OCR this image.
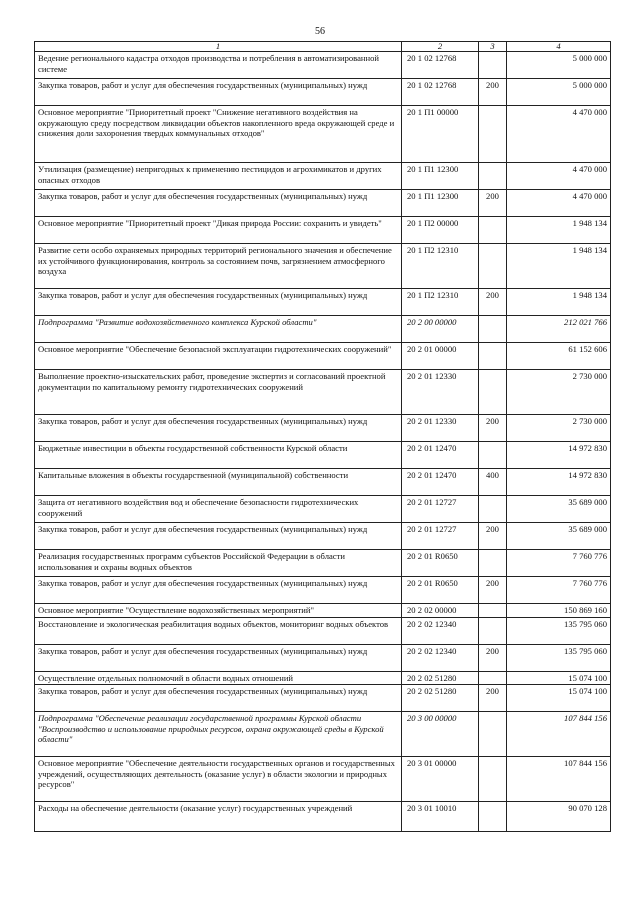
56
1	2	3	4
Ведение регионального кадастра отходов производства и потребления в автоматизированной системе	20 1 02 12768		5 000 000
Закупка товаров, работ и услуг для обеспечения государственных (муниципальных) нужд	20 1 02 12768	200	5 000 000
Основное мероприятие "Приоритетный проект "Снижение негативного воздействия на окружающую среду посредством ликвидации объектов накопленного вреда окружающей среде и снижения доли захоронения твердых коммунальных отходов"	20 1 П1 00000		4 470 000
Утилизация (размещение) непригодных к применению пестицидов и агрохимикатов и других опасных отходов	20 1 П1 12300		4 470 000
Закупка товаров, работ и услуг для обеспечения государственных (муниципальных) нужд	20 1 П1 12300	200	4 470 000
Основное мероприятие "Приоритетный проект "Дикая природа России: сохранить и увидеть"	20 1 П2 00000		1 948 134
Развитие сети особо охраняемых природных территорий регионального значения и обеспечение их устойчивого функционирования, контроль за состоянием почв, загрязнением атмосферного воздуха	20 1 П2 12310		1 948 134
Закупка товаров, работ и услуг для обеспечения государственных (муниципальных) нужд	20 1 П2 12310	200	1 948 134
Подпрограмма "Развитие водохозяйственного комплекса Курской области"	20 2 00 00000		212 021 766
Основное мероприятие "Обеспечение безопасной эксплуатации гидротехнических сооружений"	20 2 01 00000		61 152 606
Выполнение проектно-изыскательских работ, проведение экспертиз и согласований проектной документации по капитальному ремонту гидротехнических сооружений	20 2 01 12330		2 730 000
Закупка товаров, работ и услуг для обеспечения государственных (муниципальных) нужд	20 2 01 12330	200	2 730 000
Бюджетные инвестиции в объекты государственной собственности Курской области	20 2 01 12470		14 972 830
Капитальные вложения в объекты государственной (муниципальной) собственности	20 2 01 12470	400	14 972 830
Защита от негативного воздействия вод и обеспечение безопасности гидротехнических сооружений	20 2 01 12727		35 689 000
Закупка товаров, работ и услуг для обеспечения государственных (муниципальных) нужд	20 2 01 12727	200	35 689 000
Реализация государственных программ субъектов Российской Федерации в области использования и охраны водных объектов	20 2 01 R0650		7 760 776
Закупка товаров, работ и услуг для обеспечения государственных (муниципальных) нужд	20 2 01 R0650	200	7 760 776
Основное мероприятие "Осуществление водохозяйственных мероприятий"	20 2 02 00000		150 869 160
Восстановление и экологическая реабилитация водных объектов, мониторинг водных объектов	20 2 02 12340		135 795 060
Закупка товаров, работ и услуг для обеспечения государственных (муниципальных) нужд	20 2 02 12340	200	135 795 060
Осуществление отдельных полномочий в области водных отношений	20 2 02 51280		15 074 100
Закупка товаров, работ и услуг для обеспечения государственных (муниципальных) нужд	20 2 02 51280	200	15 074 100
Подпрограмма "Обеспечение реализации государственной программы Курской области "Воспроизводство и использование природных ресурсов, охрана окружающей среды в Курской области"	20 3 00 00000		107 844 156
Основное мероприятие "Обеспечение деятельности государственных органов и государственных учреждений, осуществляющих деятельность (оказание услуг) в области экологии и природных ресурсов"	20 3 01 00000		107 844 156
Расходы на обеспечение деятельности (оказание услуг) государственных учреждений	20 3 01 10010		90 070 128
